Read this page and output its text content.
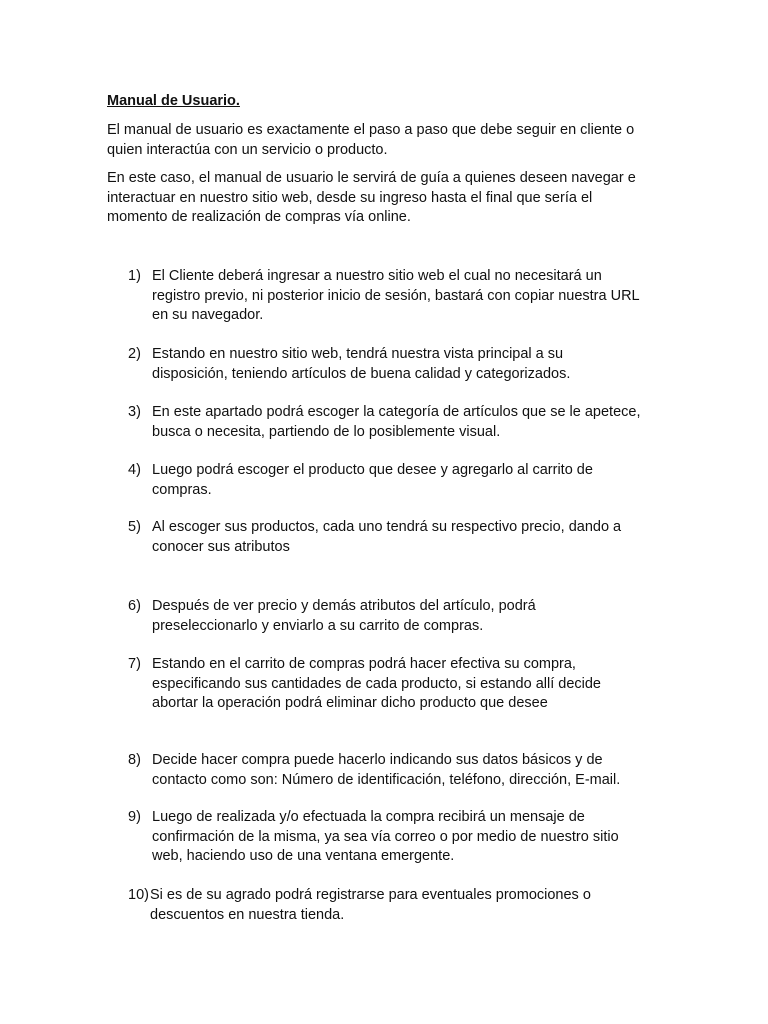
Manual de Usuario.
El manual de usuario es exactamente el paso a paso que debe seguir en cliente o
quien interactúa con un servicio o producto.
En este caso, el manual de usuario le servirá de guía a quienes deseen navegar e
interactuar en nuestro sitio web, desde su ingreso hasta el final que sería el
momento de realización de compras vía online.
1) El Cliente deberá ingresar a nuestro sitio web el cual no necesitará un
registro previo, ni posterior inicio de sesión, bastará con copiar nuestra URL
en su navegador.
2) Estando en nuestro sitio web, tendrá nuestra vista principal a su
disposición, teniendo artículos de buena calidad y categorizados.
3) En este apartado podrá escoger la categoría de artículos que se le apetece,
busca o necesita, partiendo de lo posiblemente visual.
4) Luego podrá escoger el producto que desee y agregarlo al carrito de
compras.
5) Al escoger sus productos, cada uno tendrá su respectivo precio, dando a
conocer sus atributos
6) Después de ver precio y demás atributos del artículo, podrá
preseleccionarlo y enviarlo a su carrito de compras.
7) Estando en el carrito de compras podrá hacer efectiva su compra,
especificando sus cantidades de cada producto, si estando allí decide
abortar la operación podrá eliminar dicho producto que desee
8) Decide hacer compra puede hacerlo indicando sus datos básicos y de
contacto como son: Número de identificación, teléfono, dirección, E-mail.
9) Luego de realizada y/o efectuada la compra recibirá un mensaje de
confirmación de la misma, ya sea vía correo o por medio de nuestro sitio
web, haciendo uso de una ventana emergente.
10) Si es de su agrado podrá registrarse para eventuales promociones o
descuentos en nuestra tienda.
